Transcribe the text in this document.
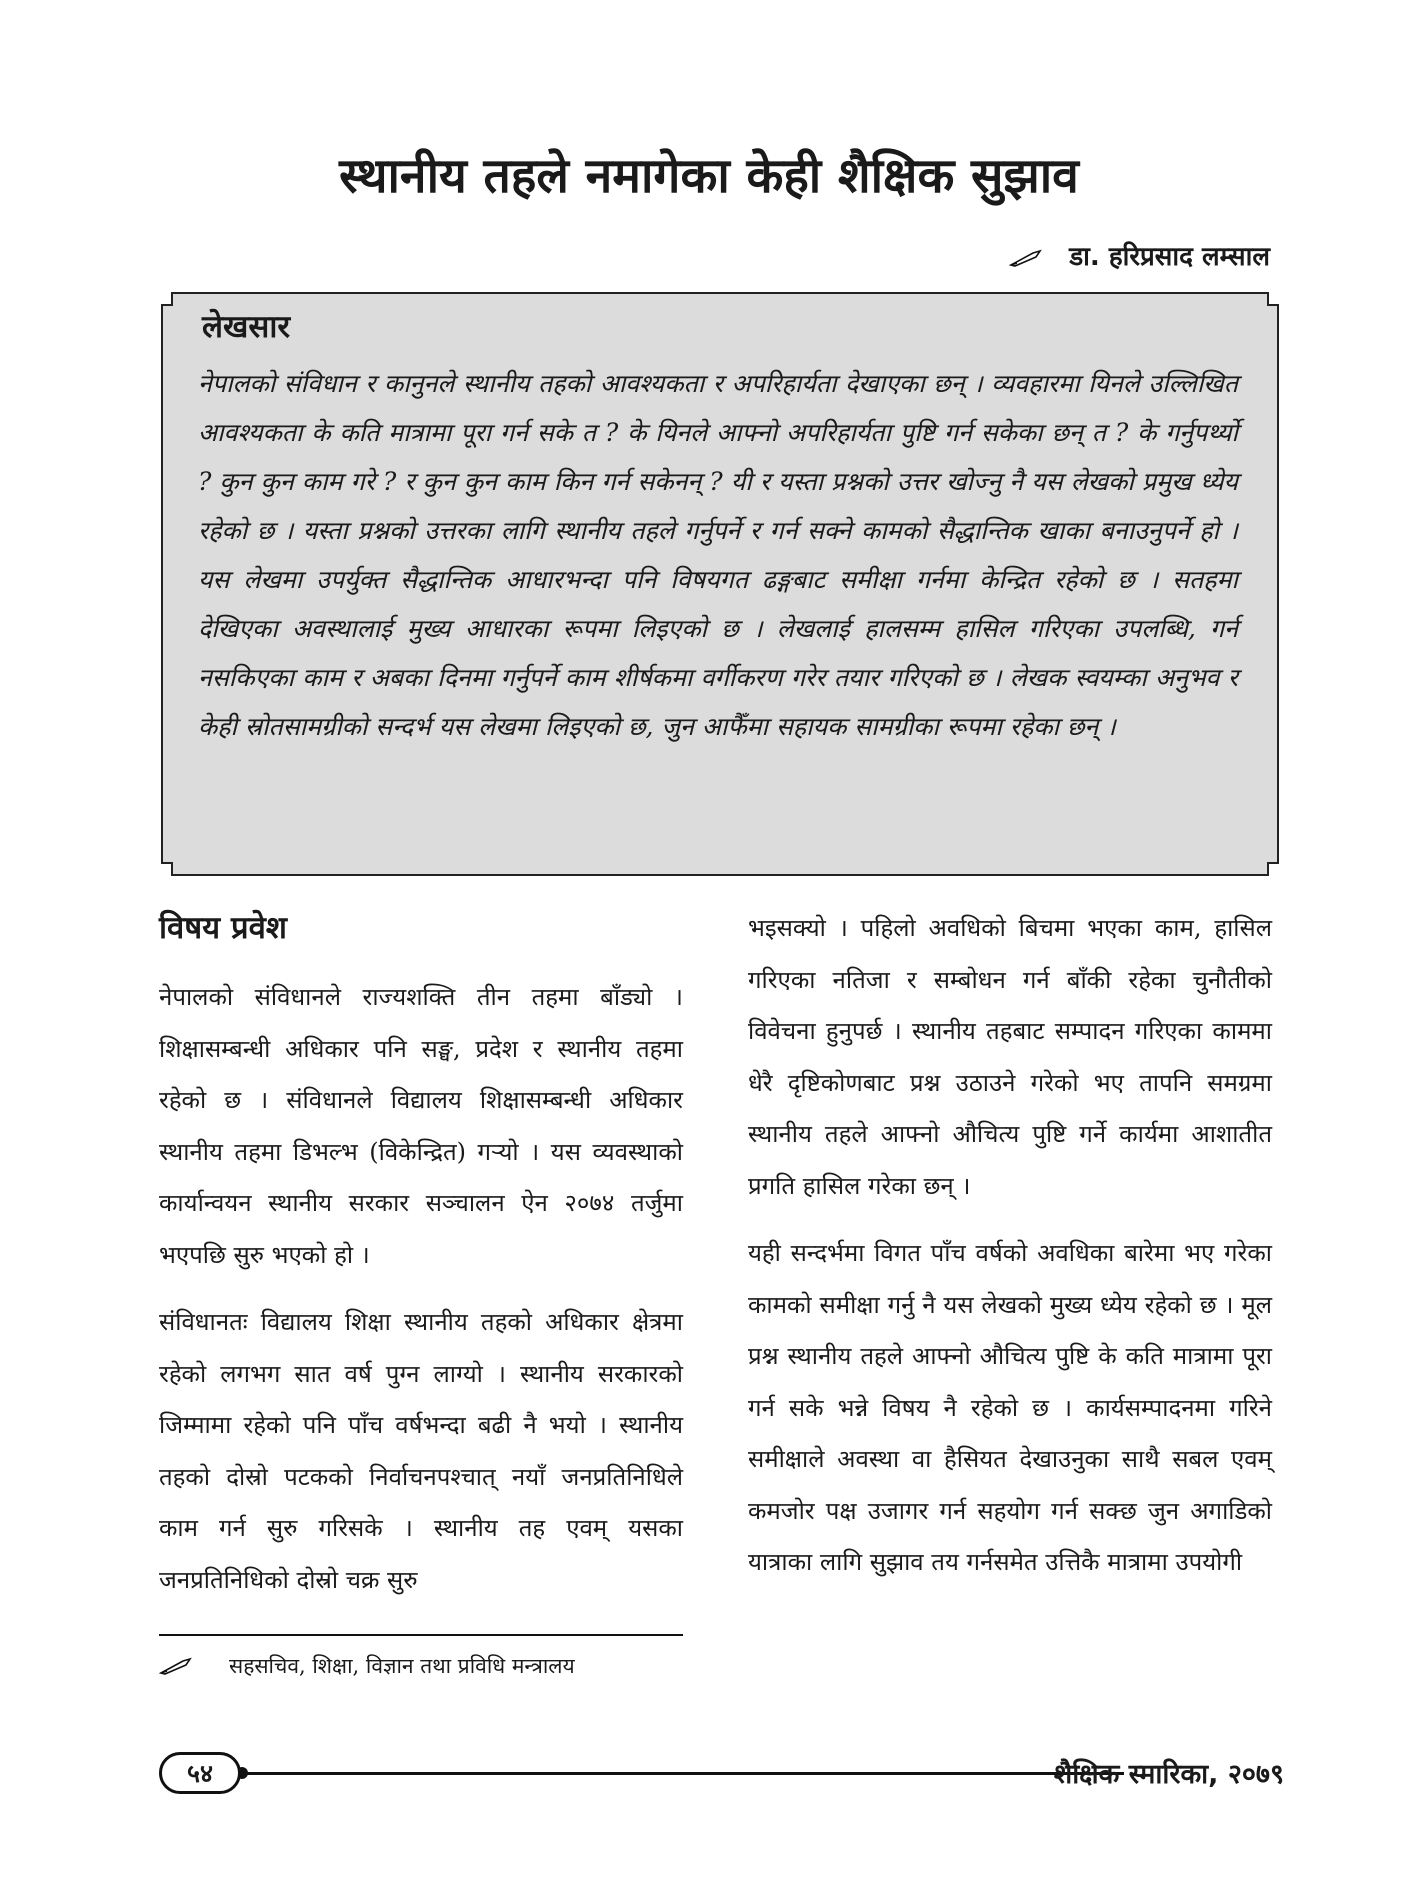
स्थानीय तहले नमागेका केही शैक्षिक सुझाव
डा. हरिप्रसाद लम्साल
लेखसार

नेपालको संविधान र कानुनले स्थानीय तहको आवश्यकता र अपरिहार्यता देखाएका छन् । व्यवहारमा यिनले उल्लिखित आवश्यकता के कति मात्रामा पूरा गर्न सके त ? के यिनले आफ्नो अपरिहार्यता पुष्टि गर्न सकेका छन् त ? के गर्नुपर्थ्यो ? कुन कुन काम गरे ? र कुन कुन काम किन गर्न सकेनन् ? यी र यस्ता प्रश्नको उत्तर खोज्नु नै यस लेखको प्रमुख ध्येय रहेको छ । यस्ता प्रश्नको उत्तरका लागि स्थानीय तहले गर्नुपर्ने र गर्न सक्ने कामको सैद्धान्तिक खाका बनाउनुपर्ने हो । यस लेखमा उपर्युक्त सैद्धान्तिक आधारभन्दा पनि विषयगत ढङ्गबाट समीक्षा गर्नमा केन्द्रित रहेको छ । सतहमा देखिएका अवस्थालाई मुख्य आधारका रूपमा लिइएको छ । लेखलाई हालसम्म हासिल गरिएका उपलब्धि, गर्न नसकिएका काम र अबका दिनमा गर्नुपर्ने काम शीर्षकमा वर्गीकरण गरेर तयार गरिएको छ । लेखक स्वयम्का अनुभव र केही स्रोतसामग्रीको सन्दर्भ यस लेखमा लिइएको छ, जुन आफैँमा सहायक सामग्रीका रूपमा रहेका छन् ।

विषय प्रवेश

नेपालको संविधानले राज्यशक्ति तीन तहमा बाँड्यो । शिक्षासम्बन्धी अधिकार पनि सङ्घ, प्रदेश र स्थानीय तहमा रहेको छ । संविधानले विद्यालय शिक्षासम्बन्धी अधिकार स्थानीय तहमा डिभल्भ (विकेन्द्रित) गऱ्यो । यस व्यवस्थाको कार्यान्वयन स्थानीय सरकार सञ्चालन ऐन २०७४ तर्जुमा भएपछि सुरु भएको हो ।

संविधानतः विद्यालय शिक्षा स्थानीय तहको अधिकार क्षेत्रमा रहेको लगभग सात वर्ष पुग्न लाग्यो । स्थानीय सरकारको जिम्मामा रहेको पनि पाँच वर्षभन्दा बढी नै भयो । स्थानीय तहको दोस्रो पटकको निर्वाचनपश्चात् नयाँ जनप्रतिनिधिले काम गर्न सुरु गरिसके । स्थानीय तह एवम् यसका जनप्रतिनिधिको दोस्रो चक्र सुरु

भइसक्यो । पहिलो अवधिको बिचमा भएका काम, हासिल गरिएका नतिजा र सम्बोधन गर्न बाँकी रहेका चुनौतीको विवेचना हुनुपर्छ । स्थानीय तहबाट सम्पादन गरिएका काममा धेरै दृष्टिकोणबाट प्रश्न उठाउने गरेको भए तापनि समग्रमा स्थानीय तहले आफ्नो औचित्य पुष्टि गर्ने कार्यमा आशातीत प्रगति हासिल गरेका छन् ।

यही सन्दर्भमा विगत पाँच वर्षको अवधिका बारेमा भए गरेका कामको समीक्षा गर्नु नै यस लेखको मुख्य ध्येय रहेको छ । मूल प्रश्न स्थानीय तहले आफ्नो औचित्य पुष्टि के कति मात्रामा पूरा गर्न सके भन्ने विषय नै रहेको छ । कार्यसम्पादनमा गरिने समीक्षाले अवस्था वा हैसियत देखाउनुका साथै सबल एवम् कमजोर पक्ष उजागर गर्न सहयोग गर्न सक्छ जुन अगाडिको यात्राका लागि सुझाव तय गर्नसमेत उत्तिकै मात्रामा उपयोगी

सहसचिव, शिक्षा, विज्ञान तथा प्रविधि मन्त्रालय
५४	शैक्षिक स्मारिका, २०७९
